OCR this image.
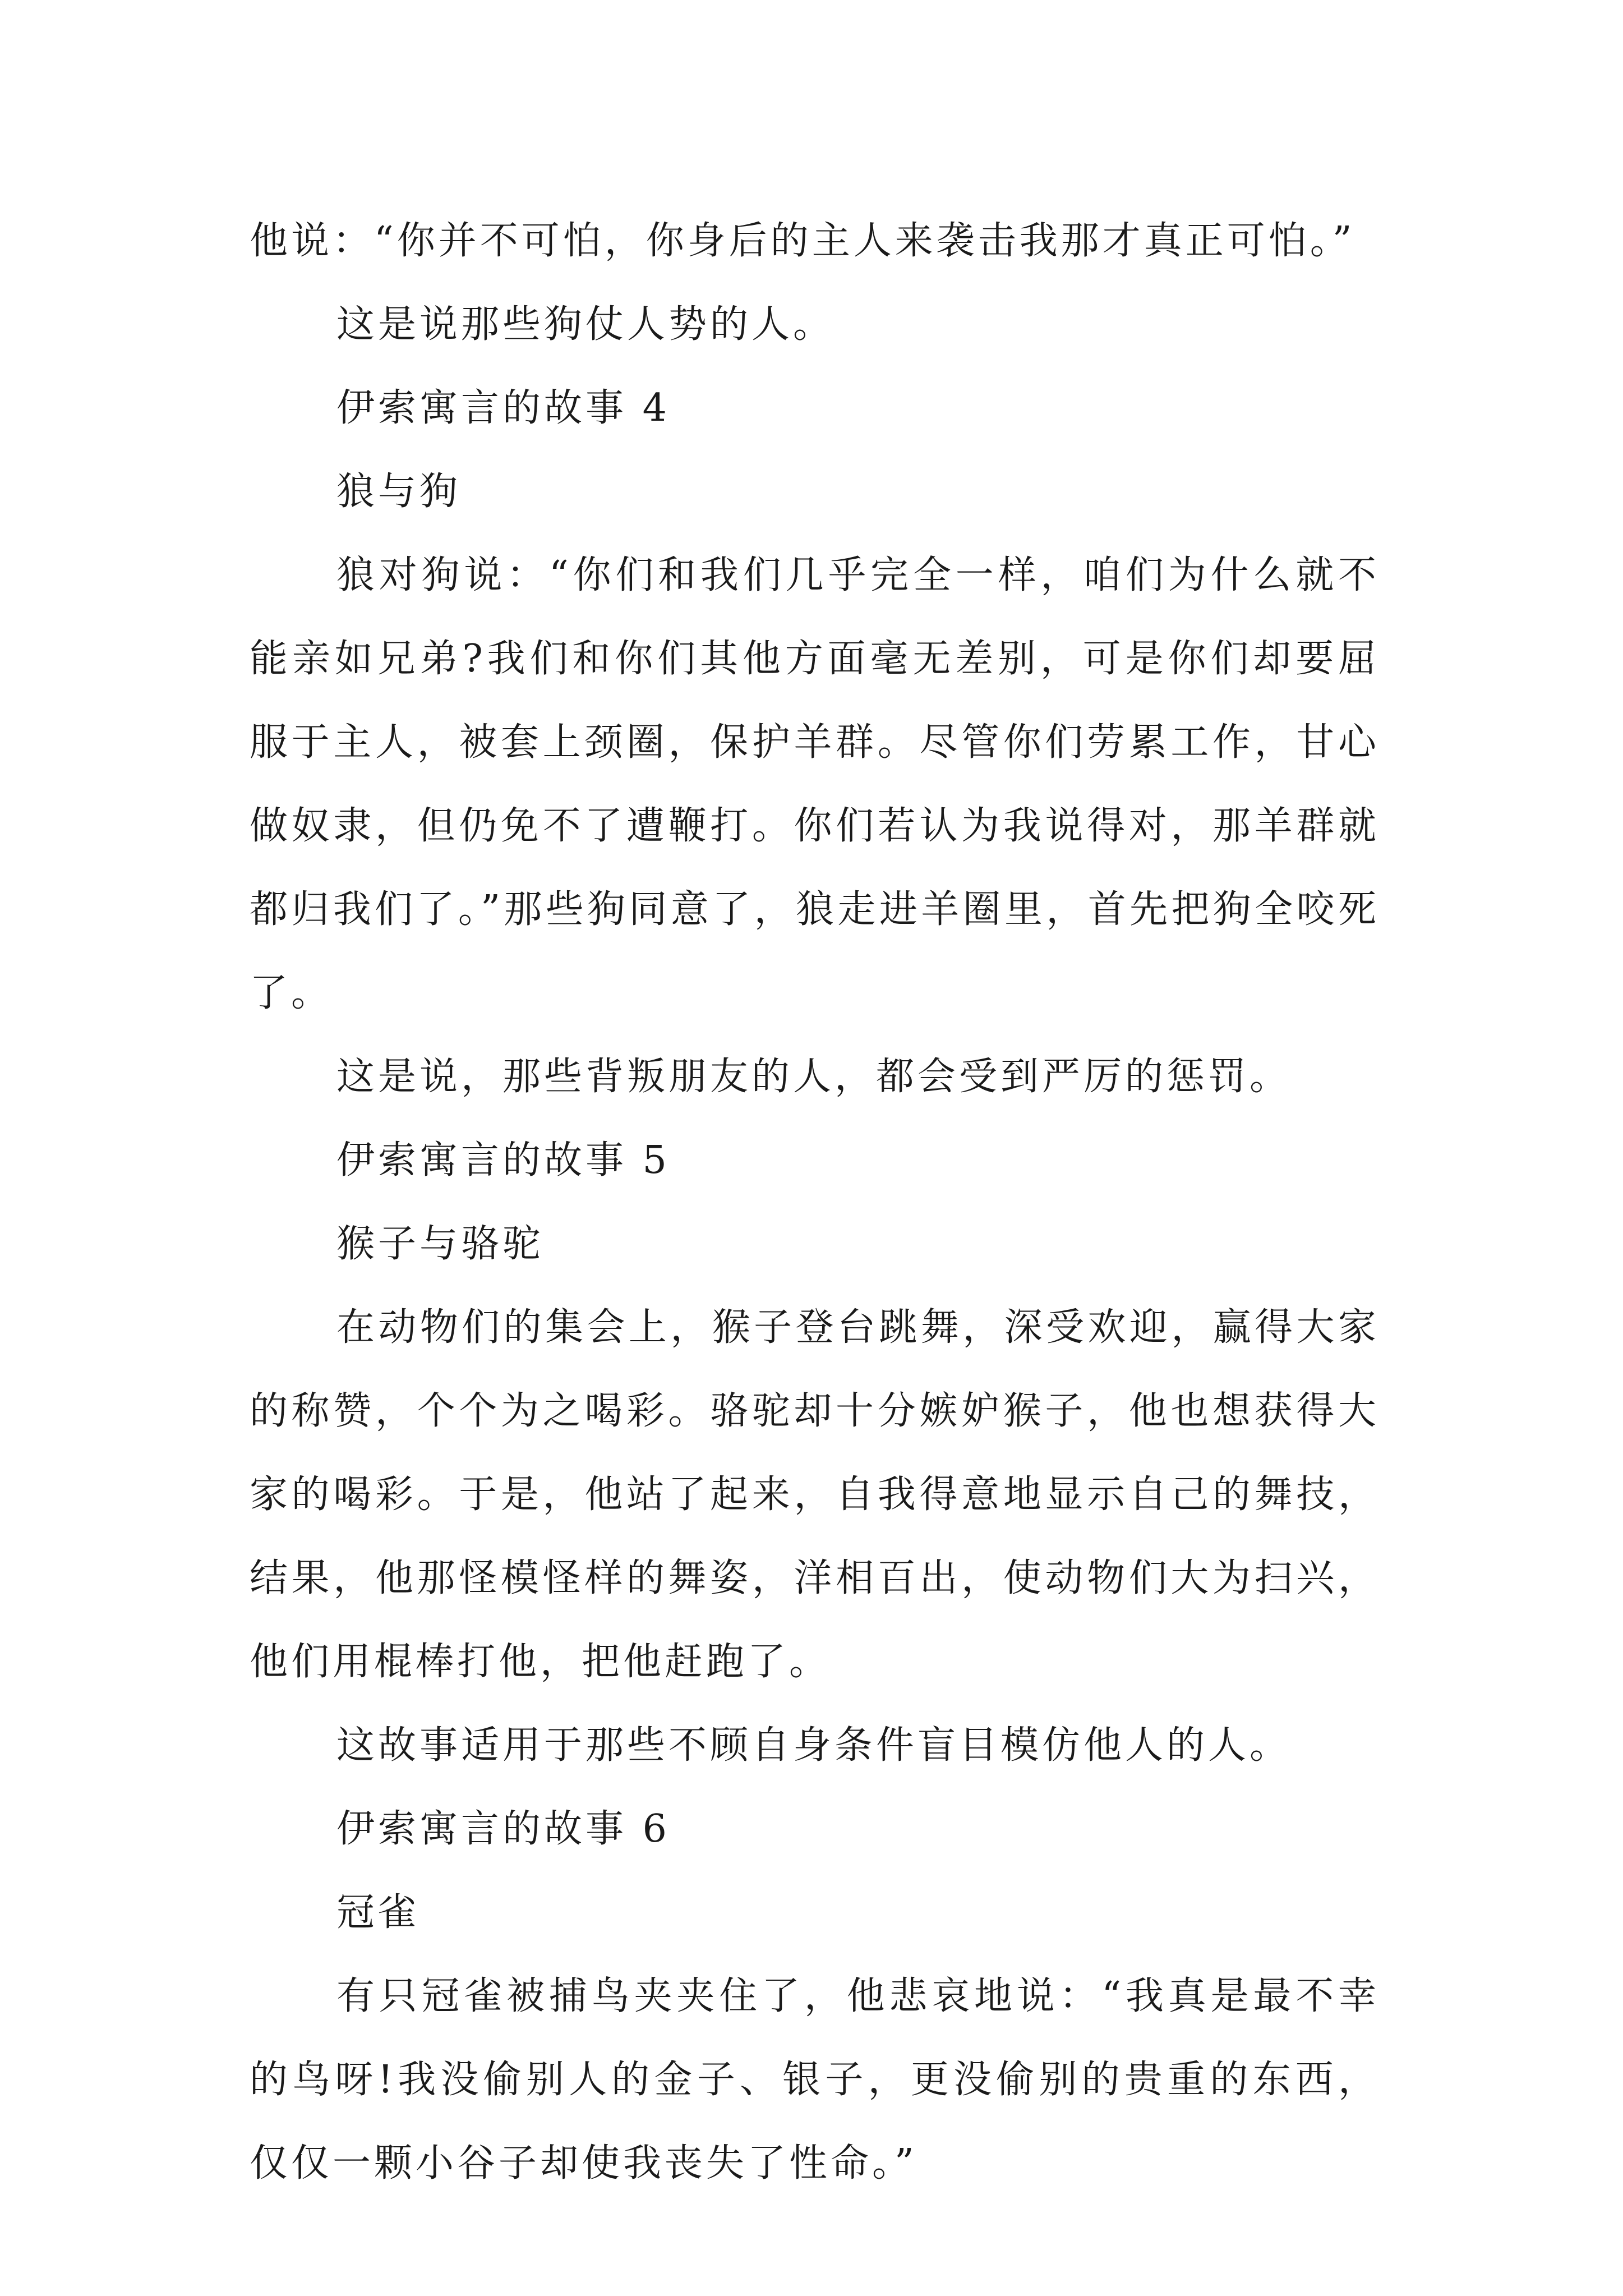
他说：“你并不可怕，你身后的主人来袭击我那才真正可怕。”
这是说那些狗仗人势的人。
伊索寓言的故事 4
狼与狗

狼对狗说：“你们和我们几乎完全一样，咱们为什么就不能亲如兄弟?我们和你们其他方面毫无差别，可是你们却要屈服于主人，被套上颈圈，保护羊群。尽管你们劳累工作，甘心做奴隶，但仍免不了遭鞭打。你们若认为我说得对，那羊群就都归我们了。”那些狗同意了，狼走进羊圈里，首先把狗全咬死了。

这是说，那些背叛朋友的人，都会受到严厉的惩罚。
伊索寓言的故事 5
猴子与骆驼

在动物们的集会上，猴子登台跳舞，深受欢迎，赢得大家的称赞，个个为之喝彩。骆驼却十分嫉妒猴子，他也想获得大家的喝彩。于是，他站了起来，自我得意地显示自己的舞技，结果，他那怪模怪样的舞姿，洋相百出，使动物们大为扫兴，他们用棍棒打他，把他赶跑了。

这故事适用于那些不顾自身条件盲目模仿他人的人。
伊索寓言的故事 6
冠雀

有只冠雀被捕鸟夹夹住了，他悲哀地说：“我真是最不幸的鸟呀!我没偷别人的金子、银子，更没偷别的贵重的东西，仅仅一颗小谷子却使我丧失了性命。”
